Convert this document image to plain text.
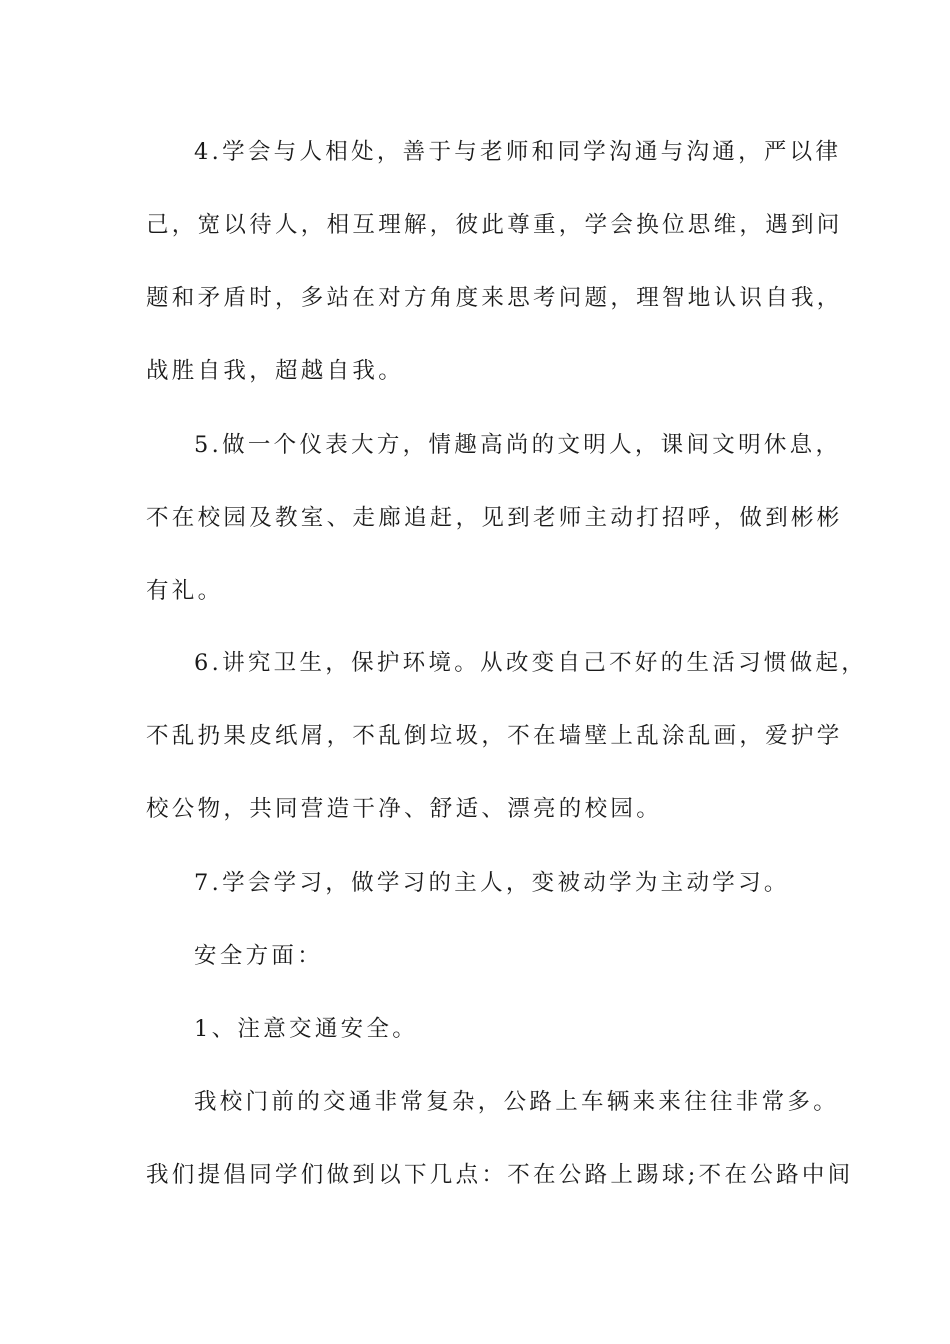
4.学会与人相处，善于与老师和同学沟通与沟通，严以律
己，宽以待人，相互理解，彼此尊重，学会换位思维，遇到问
题和矛盾时，多站在对方角度来思考问题，理智地认识自我，
战胜自我，超越自我。
5.做一个仪表大方，情趣高尚的文明人，课间文明休息，
不在校园及教室、走廊追赶，见到老师主动打招呼，做到彬彬
有礼。
6.讲究卫生，保护环境。从改变自己不好的生活习惯做起，
不乱扔果皮纸屑，不乱倒垃圾，不在墙壁上乱涂乱画，爱护学
校公物，共同营造干净、舒适、漂亮的校园。
7.学会学习，做学习的主人，变被动学为主动学习。
安全方面：
1、注意交通安全。
我校门前的交通非常复杂，公路上车辆来来往往非常多。
我们提倡同学们做到以下几点：不在公路上踢球;不在公路中间
